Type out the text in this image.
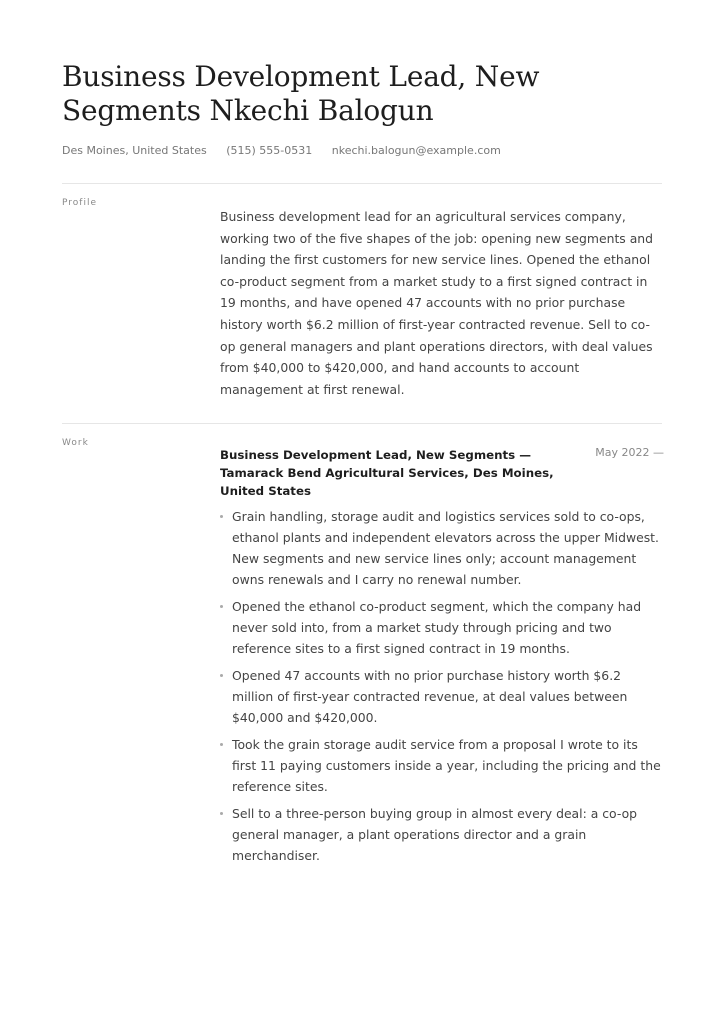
Business Development Lead, New Segments Nkechi Balogun
Des Moines, United States (515) 555-0531 nkechi.balogun@example.com
Profile
Business development lead for an agricultural services company, working two of the five shapes of the job: opening new segments and landing the first customers for new service lines. Opened the ethanol co-product segment from a market study to a first signed contract in 19 months, and have opened 47 accounts with no prior purchase history worth $6.2 million of first-year contracted revenue. Sell to co-op general managers and plant operations directors, with deal values from $40,000 to $420,000, and hand accounts to account management at first renewal.
Work
Business Development Lead, New Segments — Tamarack Bend Agricultural Services, Des Moines, United States
May 2022 —
Grain handling, storage audit and logistics services sold to co-ops, ethanol plants and independent elevators across the upper Midwest. New segments and new service lines only; account management owns renewals and I carry no renewal number.
Opened the ethanol co-product segment, which the company had never sold into, from a market study through pricing and two reference sites to a first signed contract in 19 months.
Opened 47 accounts with no prior purchase history worth $6.2 million of first-year contracted revenue, at deal values between $40,000 and $420,000.
Took the grain storage audit service from a proposal I wrote to its first 11 paying customers inside a year, including the pricing and the reference sites.
Sell to a three-person buying group in almost every deal: a co-op general manager, a plant operations director and a grain merchandiser.
